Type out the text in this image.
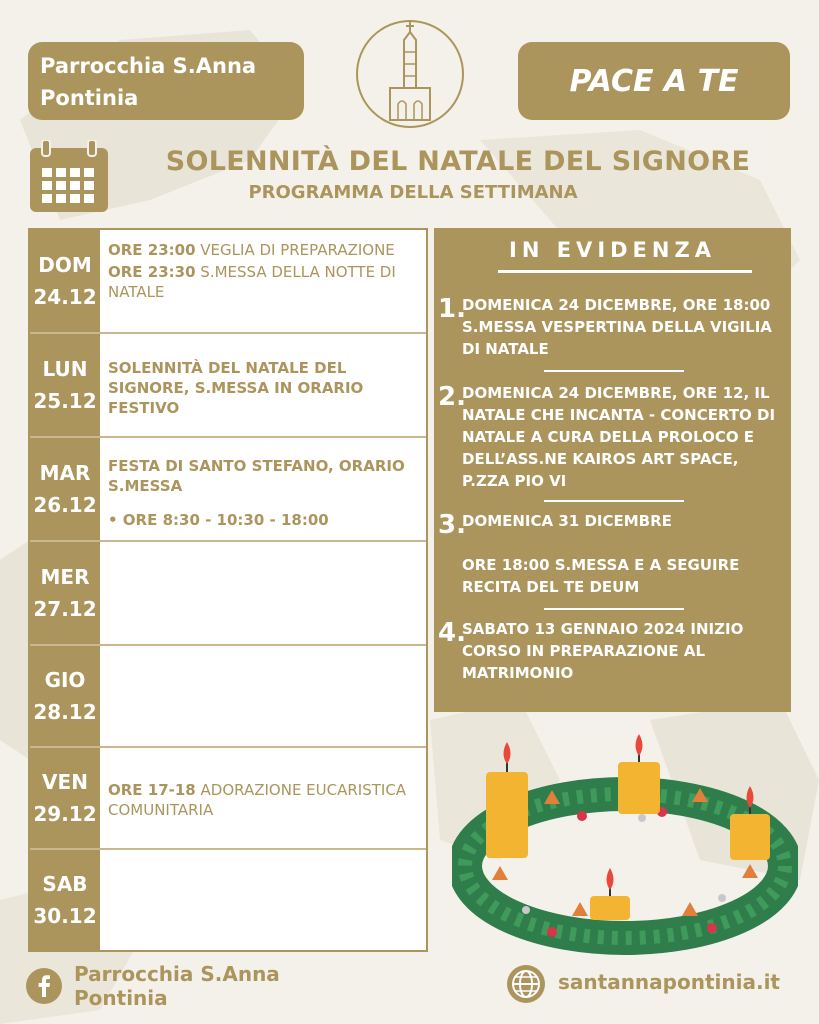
Parrocchia S.Anna
Pontinia	PACE A TE
SOLENNITÀ DEL NATALE DEL SIGNORE
PROGRAMMA DELLA SETTIMANA
DOM
24.12

ORE 23:00 VEGLIA DI PREPARAZIONE

ORE 23:30 S.MESSA DELLA NOTTE DI NATALE

LUN
25.12

SOLENNITÀ DEL NATALE DEL SIGNORE, S.MESSA IN ORARIO FESTIVO

MAR
26.12

FESTA DI SANTO STEFANO, ORARIO S.MESSA

• ORE 8:30 - 10:30 - 18:00

MER
27.12
GIO
28.12
VEN
29.12

ORE 17-18 ADORAZIONE EUCARISTICA COMUNITARIA

SAB
30.12
IN EVIDENZA
1.
DOMENICA 24 DICEMBRE, ORE 18:00 S.MESSA VESPERTINA DELLA VIGILIA DI NATALE
2.
DOMENICA 24 DICEMBRE, ORE 12, IL NATALE CHE INCANTA - CONCERTO DI NATALE A CURA DELLA PROLOCO E DELL’ASS.NE KAIROS ART SPACE, P.ZZA PIO VI
3.
DOMENICA 31 DICEMBRE
ORE 18:00 S.MESSA E A SEGUIRE RECITA DEL TE DEUM
4.
SABATO 13 GENNAIO 2024 INIZIO CORSO IN PREPARAZIONE AL MATRIMONIO
Parrocchia S.Anna
Pontinia
santannapontinia.it
